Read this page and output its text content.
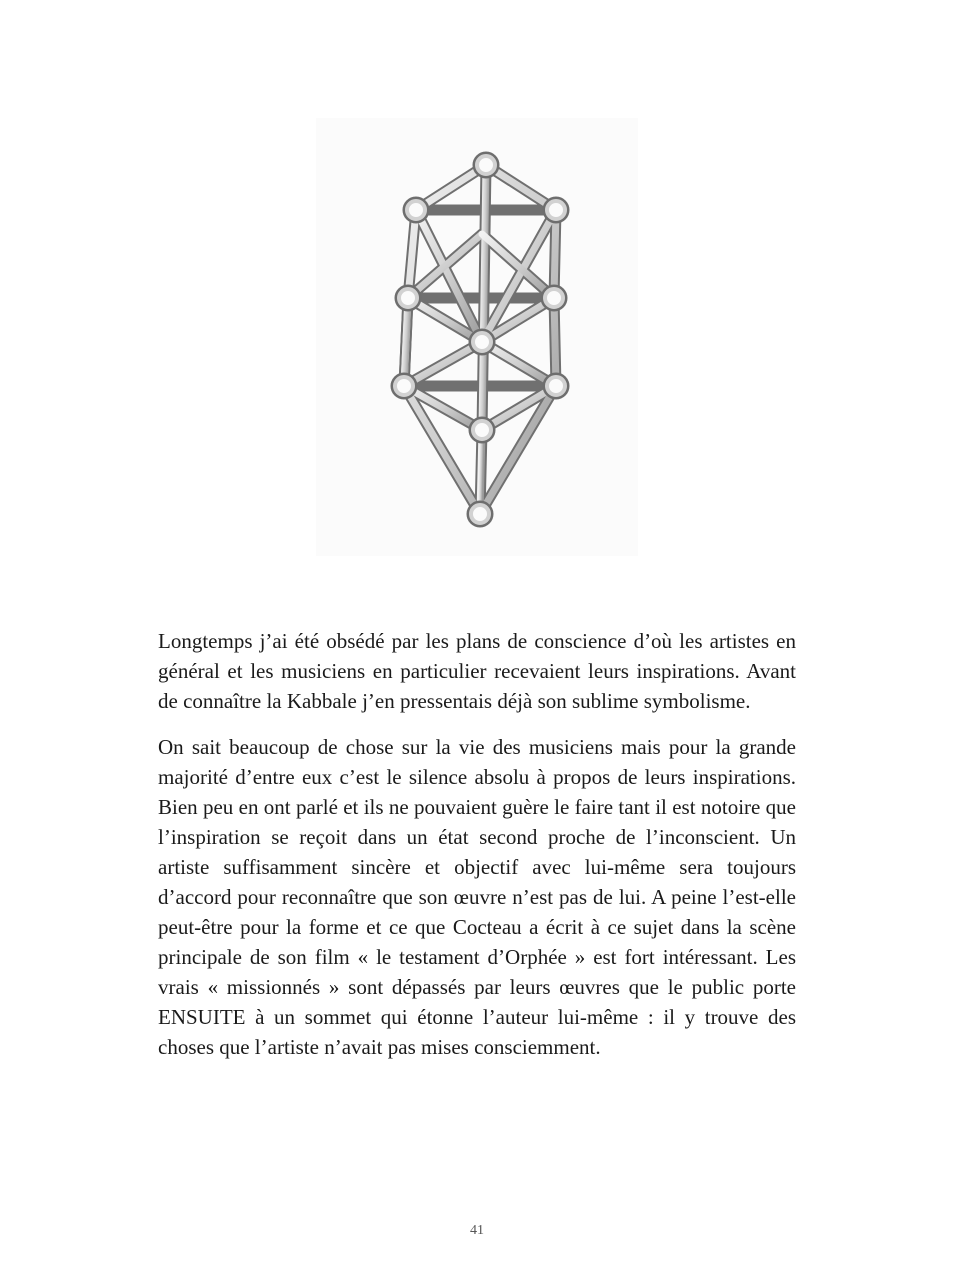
Longtemps j’ai été obsédé par les plans de conscience d’où les artistes en général et les musiciens en particulier recevaient leurs inspirations. Avant de connaître la Kabbale j’en pressentais déjà son sublime symbolisme.

On sait beaucoup de chose sur la vie des musiciens mais pour la grande majorité d’entre eux c’est le silence absolu à propos de leurs inspirations. Bien peu en ont parlé et ils ne pouvaient guère le faire tant il est notoire que l’inspiration se reçoit dans un état second proche de l’inconscient. Un artiste suffisamment sincère et objectif avec lui-même sera toujours d’accord pour reconnaître que son œuvre n’est pas de lui. A peine l’est-elle peut-être pour la forme et ce que Cocteau a écrit à ce sujet dans la scène principale de son film « le testament d’Orphée » est fort intéressant. Les vrais « missionnés » sont dépassés par leurs œuvres que le public porte ENSUITE à un sommet qui étonne l’auteur lui-même : il y trouve des choses que l’artiste n’avait pas mises consciemment.

41
